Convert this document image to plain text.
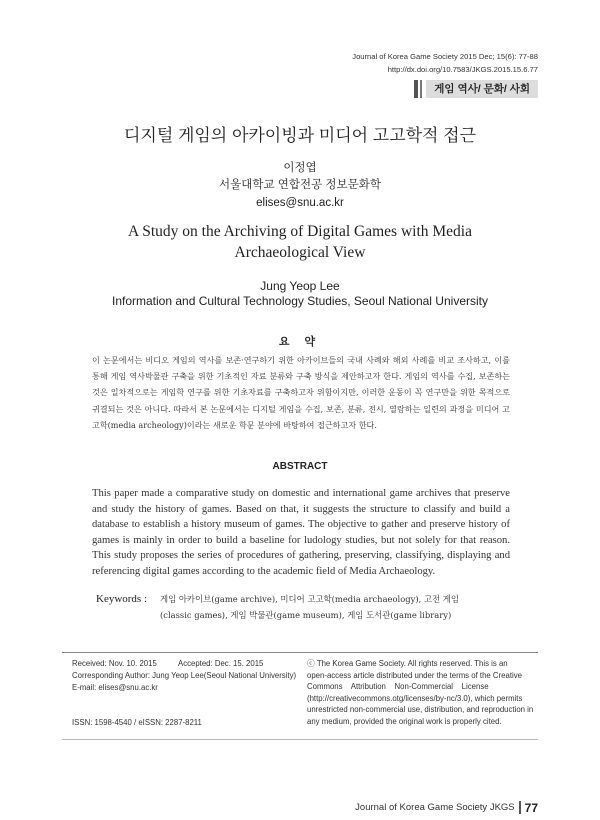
Journal of Korea Game Society 2015 Dec; 15(6): 77-88
http://dx.doi.org/10.7583/JKGS.2015.15.6.77
게임 역사/ 문화/ 사회
디지털 게임의 아카이빙과 미디어 고고학적 접근
이정엽
서울대학교 연합전공 정보문화학
elises@snu.ac.kr
A Study on the Archiving of Digital Games with Media
Archaeological View
Jung Yeop Lee
Information and Cultural Technology Studies, Seoul National University
요 약
이 논문에서는 비디오 게임의 역사를 보존·연구하기 위한 아카이브들의 국내 사례와 해외 사례를 비교 조사하고, 이를 통해 게임 역사박물관 구축을 위한 기초적인 자료 분류와 구축 방식을 제안하고자 한다. 게임의 역사를 수집, 보존하는 것은 일차적으로는 게임학 연구를 위한 기초자료를 구축하고자 위함이지만, 이러한 운동이 꼭 연구만을 위한 목적으로 귀결되는 것은 아니다. 따라서 본 논문에서는 디지털 게임을 수집, 보존, 분류, 전시, 열람하는 일련의 과정을 미디어 고고학(media archeology)이라는 새로운 학문 분야에 바탕하여 접근하고자 한다.
ABSTRACT
This paper made a comparative study on domestic and international game archives that preserve and study the history of games. Based on that, it suggests the structure to classify and build a database to establish a history museum of games. The objective to gather and preserve history of games is mainly in order to build a baseline for ludology studies, but not solely for that reason. This study proposes the series of procedures of gathering, preserving, classifying, displaying and referencing digital games according to the academic field of Media Archaeology.
Keywords : 게임 아카이브(game archive), 미디어 고고학(media archaeology), 고전 게임
(classic games), 게임 박물관(game museum), 게임 도서관(game library)
Received: Nov. 10. 2015	Accepted: Dec. 15. 2015
Corresponding Author: Jung Yeop Lee(Seoul National University)
E-mail: elises@snu.ac.kr
ISSN: 1598-4540 / eISSN: 2287-8211
ⓒ The Korea Game Society. All rights reserved. This is an
open-access article distributed under the terms of the Creative
Commons    Attribution    Non-Commercial    License
(http://creativecommons.otg/licenses/by-nc/3.0), which permits
unrestricted non-commercial use, distribution, and reproduction in
any medium, provided the original work is properly cited.
Journal of Korea Game Society JKGS 77
